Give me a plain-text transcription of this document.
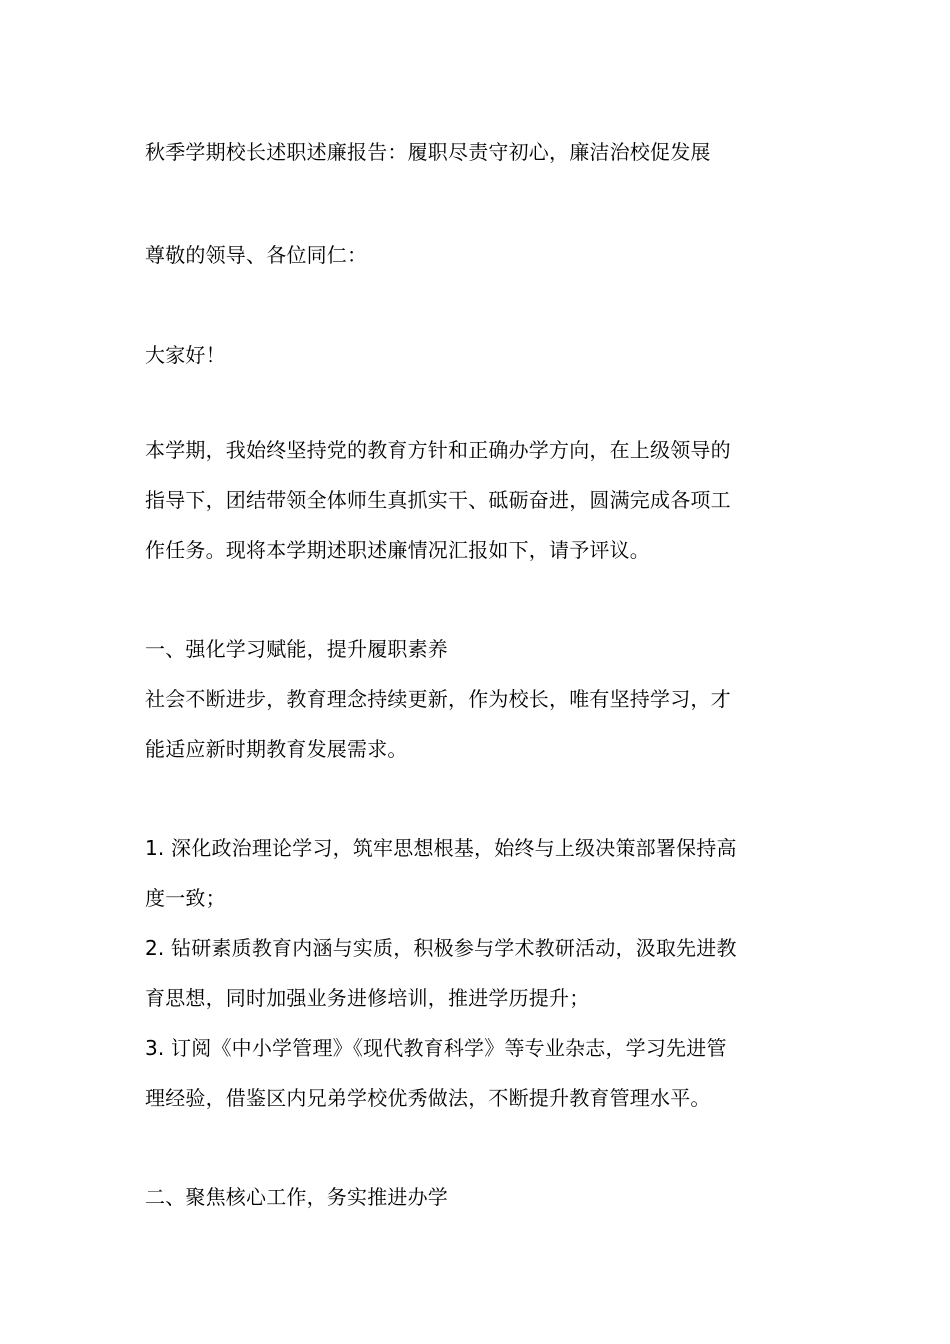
秋季学期校长述职述廉报告：履职尽责守初心，廉洁治校促发展
尊敬的领导、各位同仁：
大家好！
本学期，我始终坚持党的教育方针和正确办学方向，在上级领导的
指导下，团结带领全体师生真抓实干、砥砺奋进，圆满完成各项工
作任务。现将本学期述职述廉情况汇报如下，请予评议。
一、强化学习赋能，提升履职素养
社会不断进步，教育理念持续更新，作为校长，唯有坚持学习，才
能适应新时期教育发展需求。
1. 深化政治理论学习，筑牢思想根基，始终与上级决策部署保持高
度一致；
2. 钻研素质教育内涵与实质，积极参与学术教研活动，汲取先进教
育思想，同时加强业务进修培训，推进学历提升；
3. 订阅《中小学管理》《现代教育科学》等专业杂志，学习先进管
理经验，借鉴区内兄弟学校优秀做法，不断提升教育管理水平。
二、聚焦核心工作，务实推进办学
